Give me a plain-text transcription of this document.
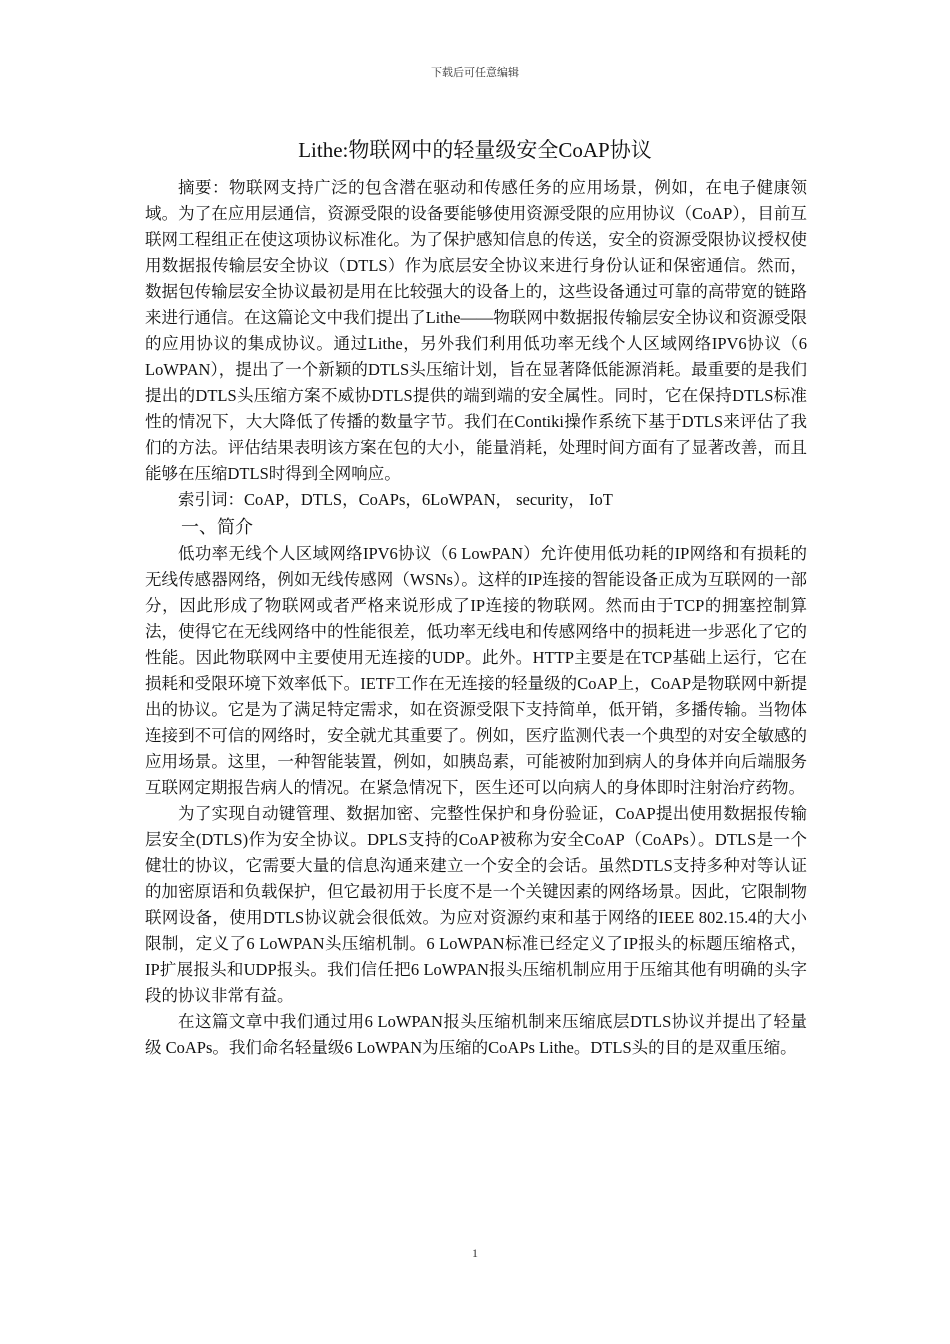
下载后可任意编辑
Lithe:物联网中的轻量级安全CoAP协议

摘要：物联网支持广泛的包含潜在驱动和传感任务的应用场景，例如，在电子健康领域。为了在应用层通信，资源受限的设备要能够使用资源受限的应用协议（CoAP），目前互联网工程组正在使这项协议标准化。为了保护感知信息的传送，安全的资源受限协议授权使用数据报传输层安全协议（DTLS）作为底层安全协议来进行身份认证和保密通信。然而，数据包传输层安全协议最初是用在比较强大的设备上的，这些设备通过可靠的高带宽的链路来进行通信。在这篇论文中我们提出了Lithe——物联网中数据报传输层安全协议和资源受限的应用协议的集成协议。通过Lithe，另外我们利用低功率无线个人区域网络IPV6协议（6 LoWPAN），提出了一个新颖的DTLS头压缩计划，旨在显著降低能源消耗。最重要的是我们提出的DTLS头压缩方案不威协DTLS提供的端到端的安全属性。同时，它在保持DTLS标准性的情况下，大大降低了传播的数量字节。我们在Contiki操作系统下基于DTLS来评估了我们的方法。评估结果表明该方案在包的大小，能量消耗，处理时间方面有了显著改善，而且能够在压缩DTLS时得到全网响应。

索引词：CoAP，DTLS，CoAPs，6LoWPAN， security， IoT

一、简介

低功率无线个人区域网络IPV6协议（6 LowPAN）允许使用低功耗的IP网络和有损耗的无线传感器网络，例如无线传感网（WSNs）。这样的IP连接的智能设备正成为互联网的一部分，因此形成了物联网或者严格来说形成了IP连接的物联网。然而由于TCP的拥塞控制算法，使得它在无线网络中的性能很差，低功率无线电和传感网络中的损耗进一步恶化了它的性能。因此物联网中主要使用无连接的UDP。此外。HTTP主要是在TCP基础上运行，它在损耗和受限环境下效率低下。IETF工作在无连接的轻量级的CoAP上，CoAP是物联网中新提出的协议。它是为了满足特定需求，如在资源受限下支持简单，低开销，多播传输。当物体连接到不可信的网络时，安全就尤其重要了。例如，医疗监测代表一个典型的对安全敏感的应用场景。这里，一种智能装置，例如，如胰岛素，可能被附加到病人的身体并向后端服务互联网定期报告病人的情况。在紧急情况下，医生还可以向病人的身体即时注射治疗药物。

为了实现自动键管理、数据加密、完整性保护和身份验证，CoAP提出使用数据报传输层安全(DTLS)作为安全协议。DPLS支持的CoAP被称为安全CoAP（CoAPs）。DTLS是一个健壮的协议，它需要大量的信息沟通来建立一个安全的会话。虽然DTLS支持多种对等认证的加密原语和负载保护，但它最初用于长度不是一个关键因素的网络场景。因此，它限制物联网设备，使用DTLS协议就会很低效。为应对资源约束和基于网络的IEEE 802.15.4的大小限制，定义了6 LoWPAN头压缩机制。6 LoWPAN标准已经定义了IP报头的标题压缩格式，IP扩展报头和UDP报头。我们信任把6 LoWPAN报头压缩机制应用于压缩其他有明确的头字段的协议非常有益。

在这篇文章中我们通过用6 LoWPAN报头压缩机制来压缩底层DTLS协议并提出了轻量级 CoAPs。我们命名轻量级6 LoWPAN为压缩的CoAPs Lithe。DTLS头的目的是双重压缩。

1
